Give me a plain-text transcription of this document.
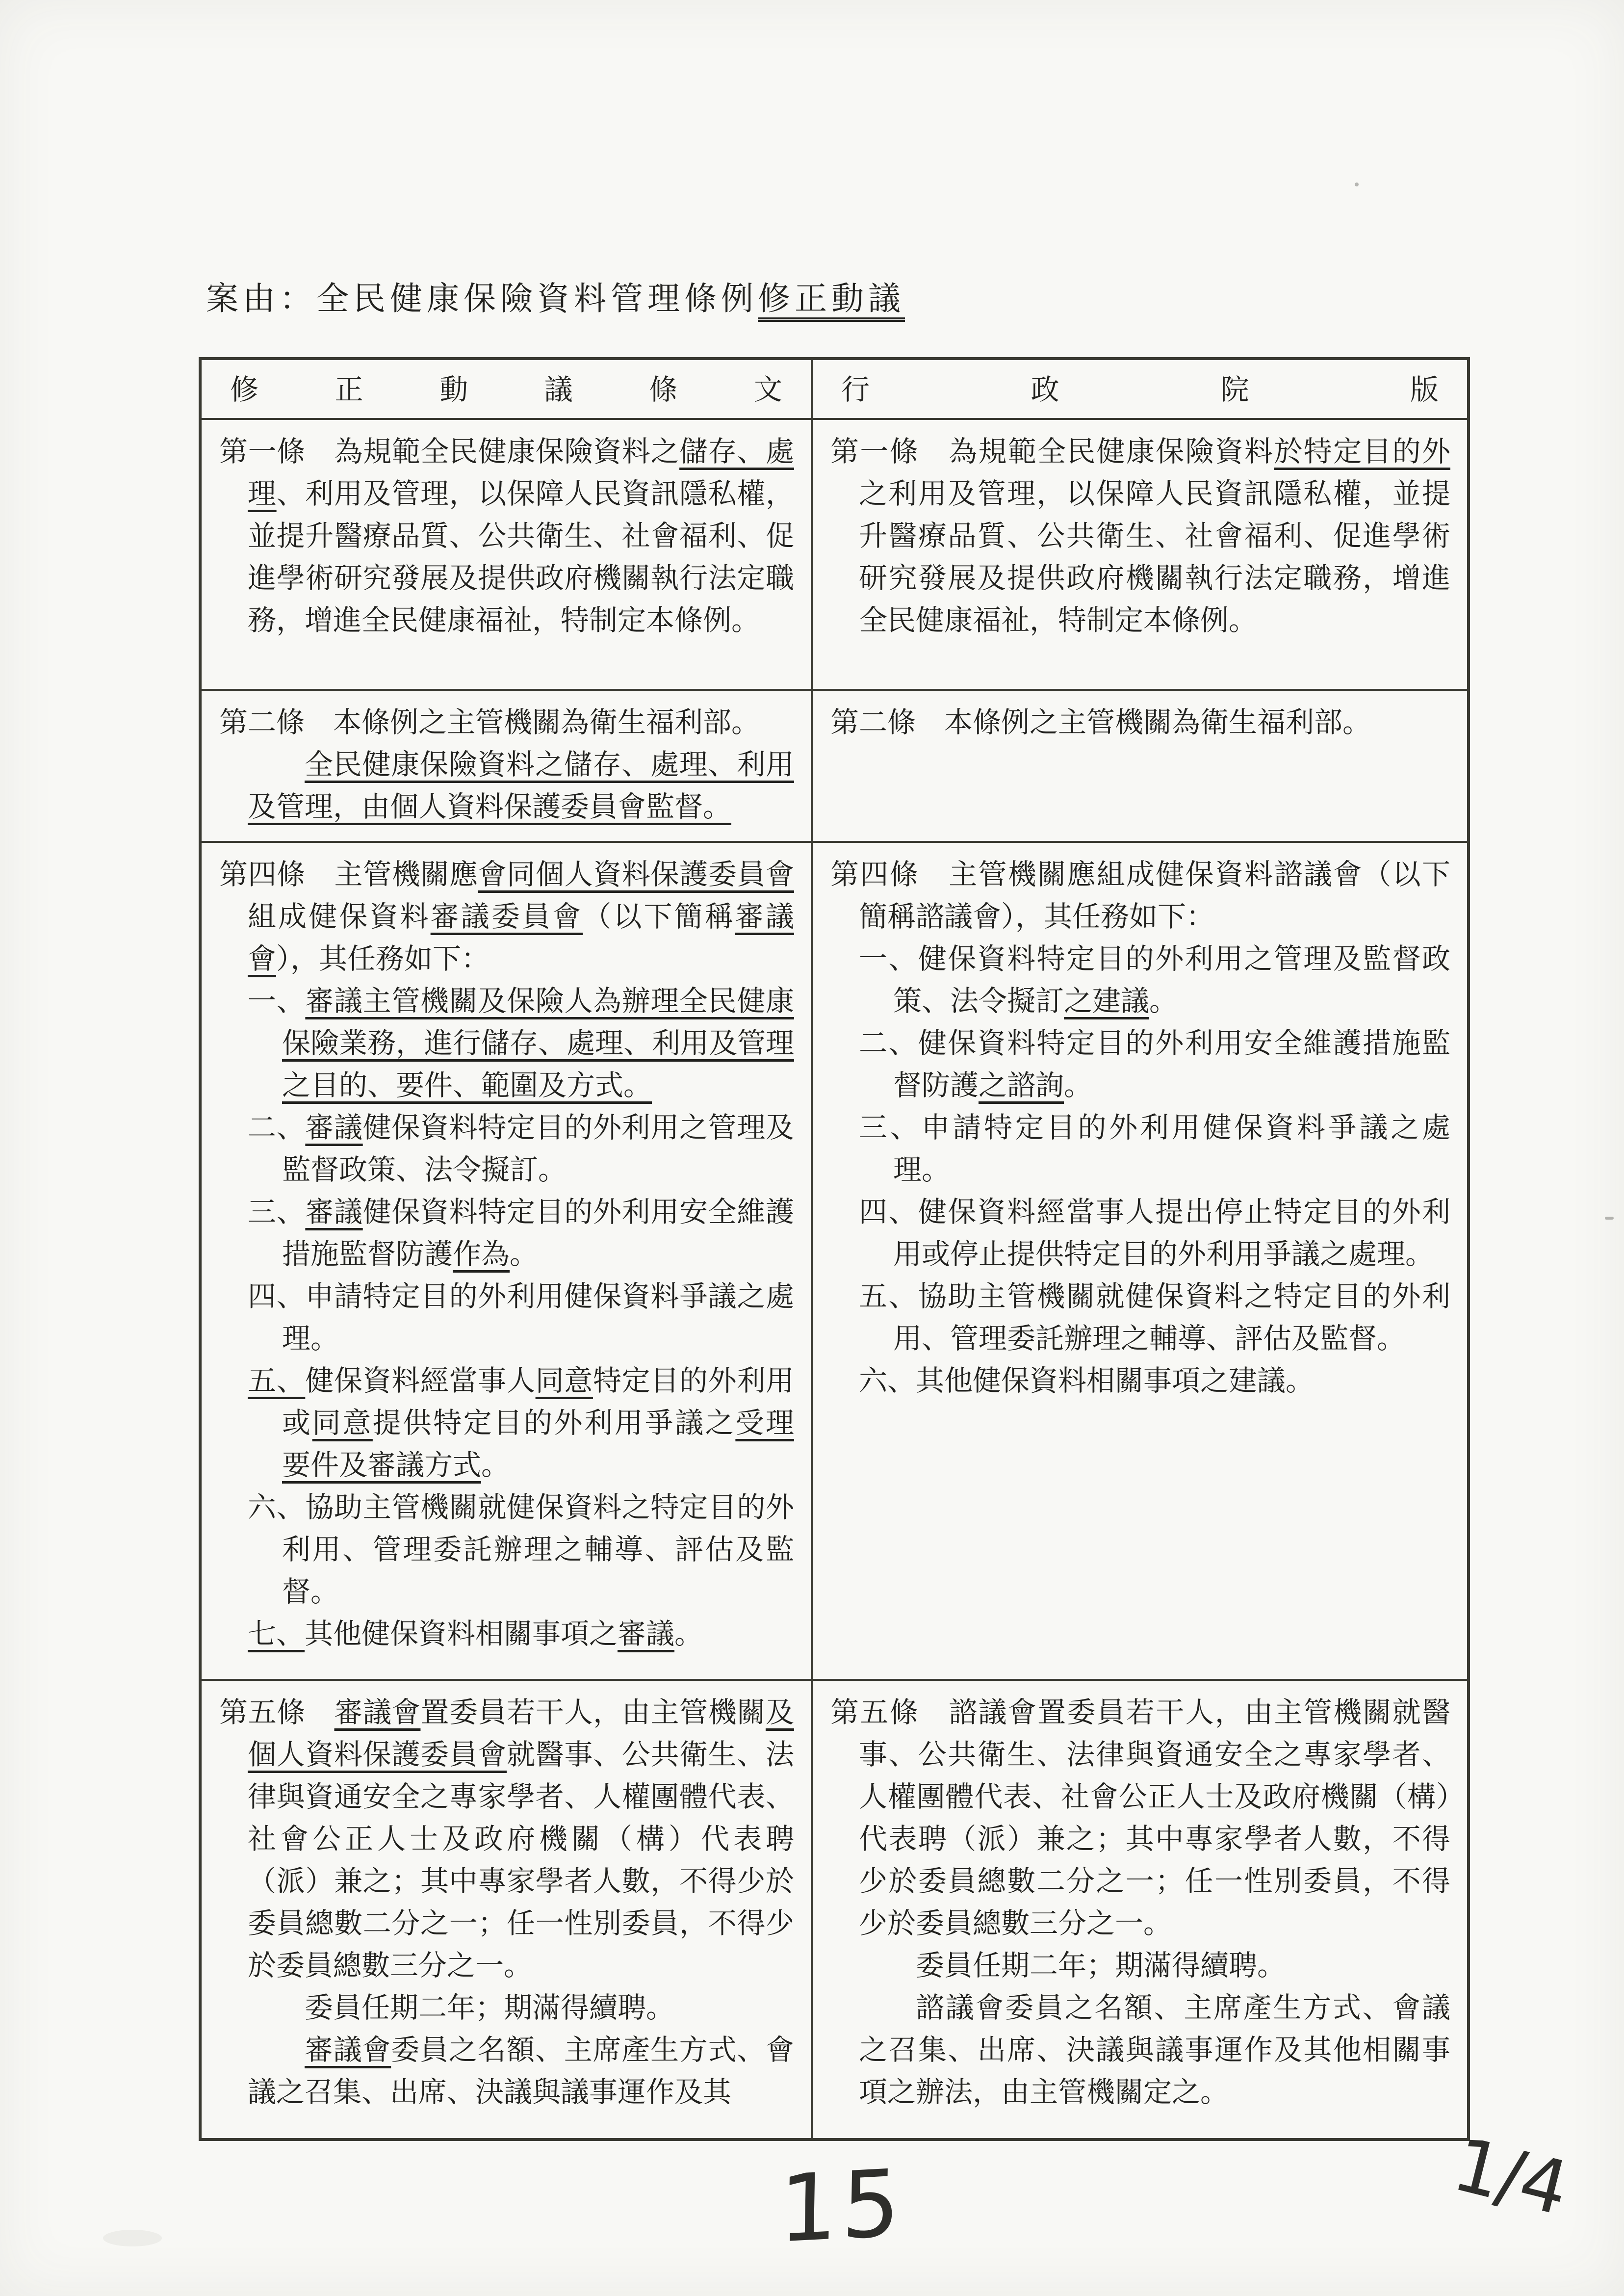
案由：全民健康保險資料管理條例修正動議
修正動議條文	行政院版
第一條　為規範全民健康保險資料之儲存、處理、利用及管理，以保障人民資訊隱私權，並提升醫療品質、公共衛生、社會福利、促進學術研究發展及提供政府機關執行法定職務，增進全民健康福祉，特制定本條例。
第一條　為規範全民健康保險資料於特定目的外之利用及管理，以保障人民資訊隱私權，並提升醫療品質、公共衛生、社會福利、促進學術研究發展及提供政府機關執行法定職務，增進全民健康福祉，特制定本條例。
第二條　本條例之主管機關為衛生福利部。
全民健康保險資料之儲存、處理、利用及管理，由個人資料保護委員會監督。
第二條　本條例之主管機關為衛生福利部。
第四條　主管機關應會同個人資料保護委員會組成健保資料審議委員會（以下簡稱審議會），其任務如下：
一、審議主管機關及保險人為辦理全民健康保險業務，進行儲存、處理、利用及管理之目的、要件、範圍及方式。
二、審議健保資料特定目的外利用之管理及監督政策、法令擬訂。
三、審議健保資料特定目的外利用安全維護措施監督防護作為。
四、申請特定目的外利用健保資料爭議之處理。
五、健保資料經當事人同意特定目的外利用或同意提供特定目的外利用爭議之受理要件及審議方式。
六、協助主管機關就健保資料之特定目的外利用、管理委託辦理之輔導、評估及監督。
七、其他健保資料相關事項之審議。
第四條　主管機關應組成健保資料諮議會（以下簡稱諮議會），其任務如下：
一、健保資料特定目的外利用之管理及監督政策、法令擬訂之建議。
二、健保資料特定目的外利用安全維護措施監督防護之諮詢。
三、申請特定目的外利用健保資料爭議之處理。
四、健保資料經當事人提出停止特定目的外利用或停止提供特定目的外利用爭議之處理。
五、協助主管機關就健保資料之特定目的外利用、管理委託辦理之輔導、評估及監督。
六、其他健保資料相關事項之建議。
第五條　審議會置委員若干人，由主管機關及個人資料保護委員會就醫事、公共衛生、法律與資通安全之專家學者、人權團體代表、社會公正人士及政府機關（構）代表聘（派）兼之；其中專家學者人數，不得少於委員總數二分之一；任一性別委員，不得少於委員總數三分之一。
委員任期二年；期滿得續聘。
審議會委員之名額、主席產生方式、會議之召集、出席、決議與議事運作及其
第五條　諮議會置委員若干人，由主管機關就醫事、公共衛生、法律與資通安全之專家學者、人權團體代表、社會公正人士及政府機關（構）代表聘（派）兼之；其中專家學者人數，不得少於委員總數二分之一；任一性別委員，不得少於委員總數三分之一。
委員任期二年；期滿得續聘。
諮議會委員之名額、主席產生方式、會議之召集、出席、決議與議事運作及其他相關事項之辦法，由主管機關定之。
15	1/4
